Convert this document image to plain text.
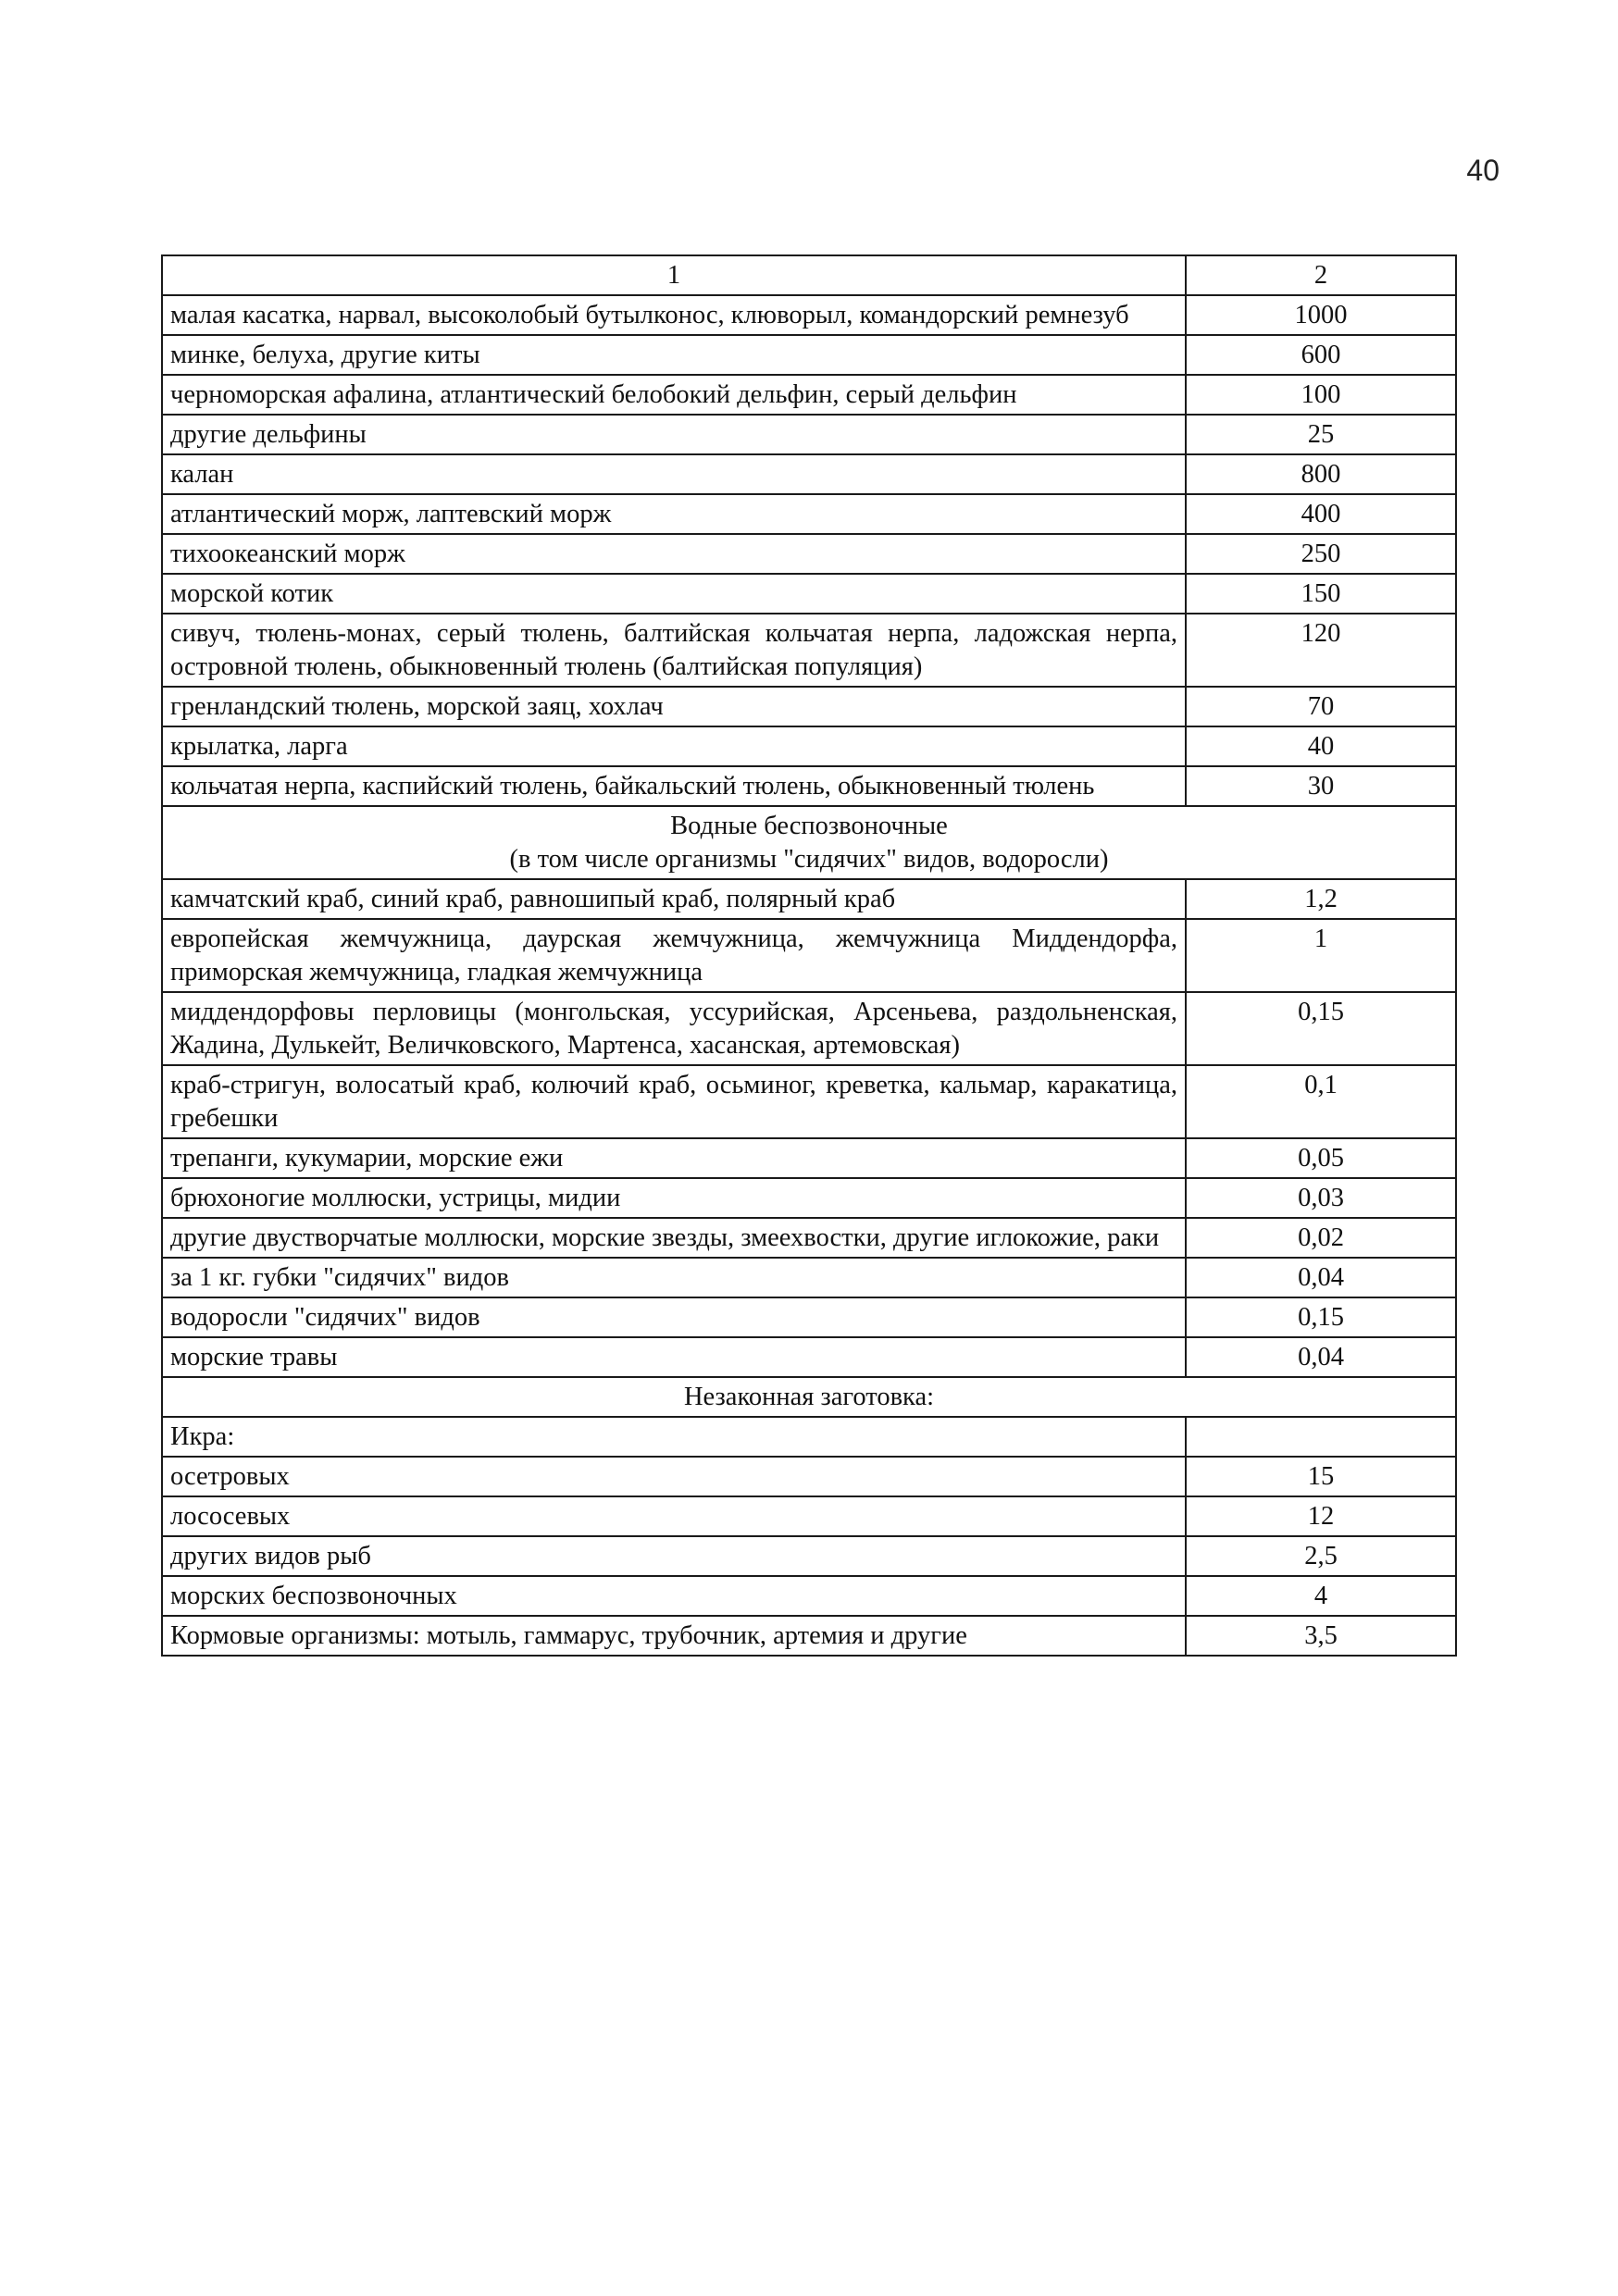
40
1	2
малая касатка, нарвал, высоколобый бутылконос, клюворыл, командорский ремнезуб	1000
минке, белуха, другие киты	600
черноморская афалина, атлантический белобокий дельфин, серый дельфин	100
другие дельфины	25
калан	800
атлантический морж, лаптевский морж	400
тихоокеанский морж	250
морской котик	150
сивуч, тюлень-монах, серый тюлень, балтийская кольчатая нерпа, ладожская нерпа, островной тюлень, обыкновенный тюлень (балтийская популяция)	120
гренландский тюлень, морской заяц, хохлач	70
крылатка, ларга	40
кольчатая нерпа, каспийский тюлень, байкальский тюлень, обыкновенный тюлень	30

Водные беспозвоночные
(в том числе организмы "сидячих" видов, водоросли)	

камчатский краб, синий краб, равношипый краб, полярный краб	1,2
европейская жемчужница, даурская жемчужница, жемчужница Миддендорфа, приморская жемчужница, гладкая жемчужница	1
миддендорфовы перловицы (монгольская, уссурийская, Арсеньева, раздольненская, Жадина, Дулькейт, Величковского, Мартенса, хасанская, артемовская)	0,15
краб-стригун, волосатый краб, колючий краб, осьминог, креветка, кальмар, каракатица, гребешки	0,1
трепанги, кукумарии, морские ежи	0,05
брюхоногие моллюски, устрицы, мидии	0,03
другие двустворчатые моллюски, морские звезды, змеехвостки, другие иглокожие, раки	0,02
за 1 кг. губки "сидячих" видов	0,04
водоросли "сидячих" видов	0,15
морские травы	0,04
Незаконная заготовка:	
Икра:	
осетровых	15
лососевых	12
других видов рыб	2,5
морских беспозвоночных	4
Кормовые организмы: мотыль, гаммарус, трубочник, артемия и другие	3,5
